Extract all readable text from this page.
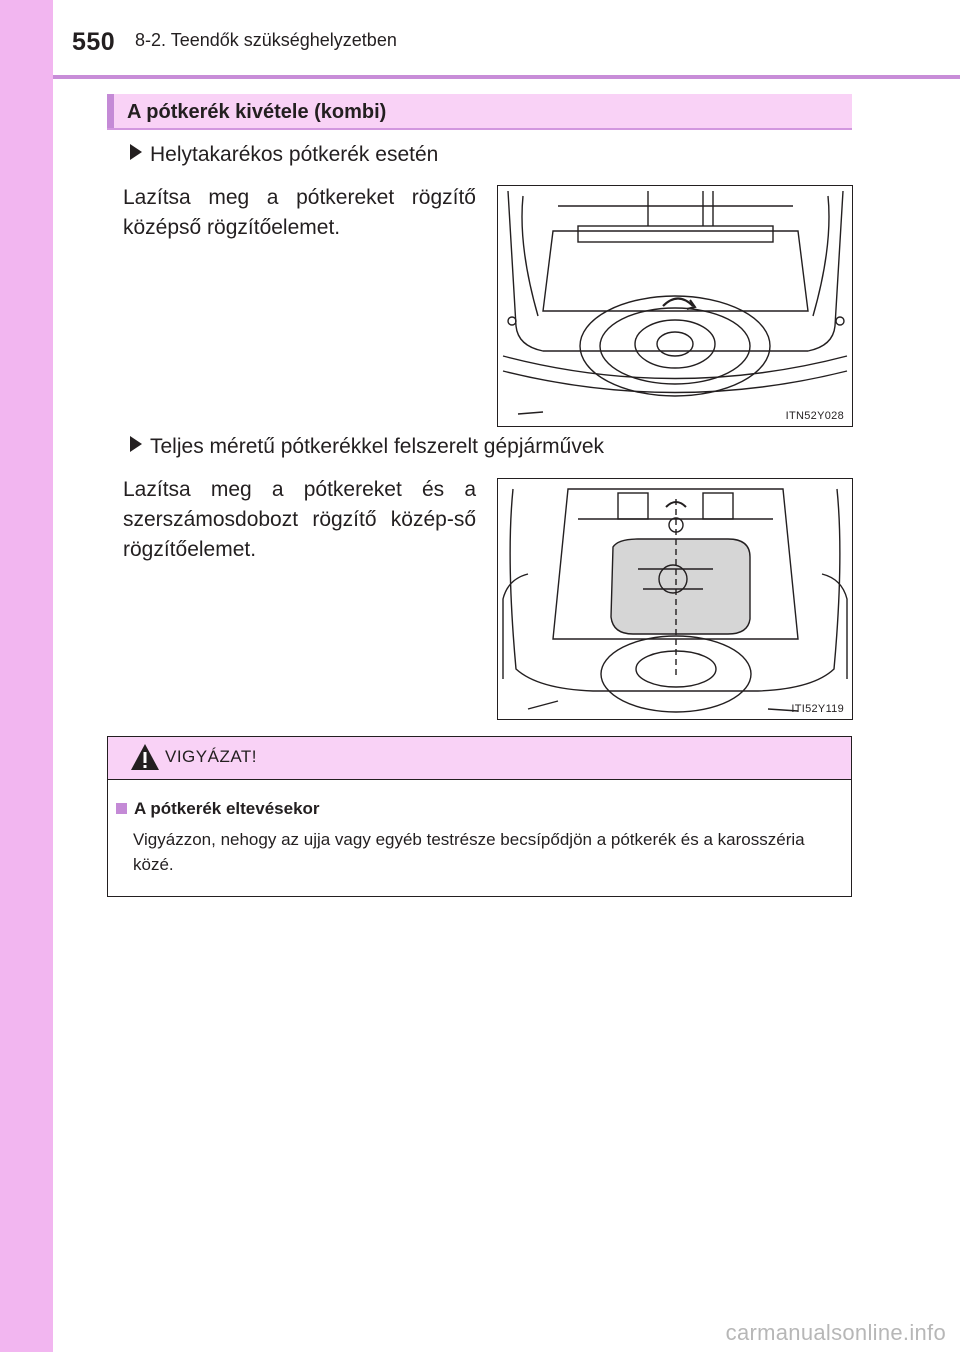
550 8-2. Teendők szükséghelyzetben
A pótkerék kivétele (kombi)
Helytakarékos pótkerék esetén
Lazítsa meg a pótkereket rögzítő középső rögzítőelemet.
ITN52Y028
Teljes méretű pótkerékkel felszerelt gépjárművek
Lazítsa meg a pótkereket és a szerszámosdobozt rögzítő közép-ső rögzítőelemet.
ITI52Y119
VIGYÁZAT!
A pótkerék eltevésekor
Vigyázzon, nehogy az ujja vagy egyéb testrésze becsípődjön a pótkerék és a karosszéria közé.
carmanualsonline.info
